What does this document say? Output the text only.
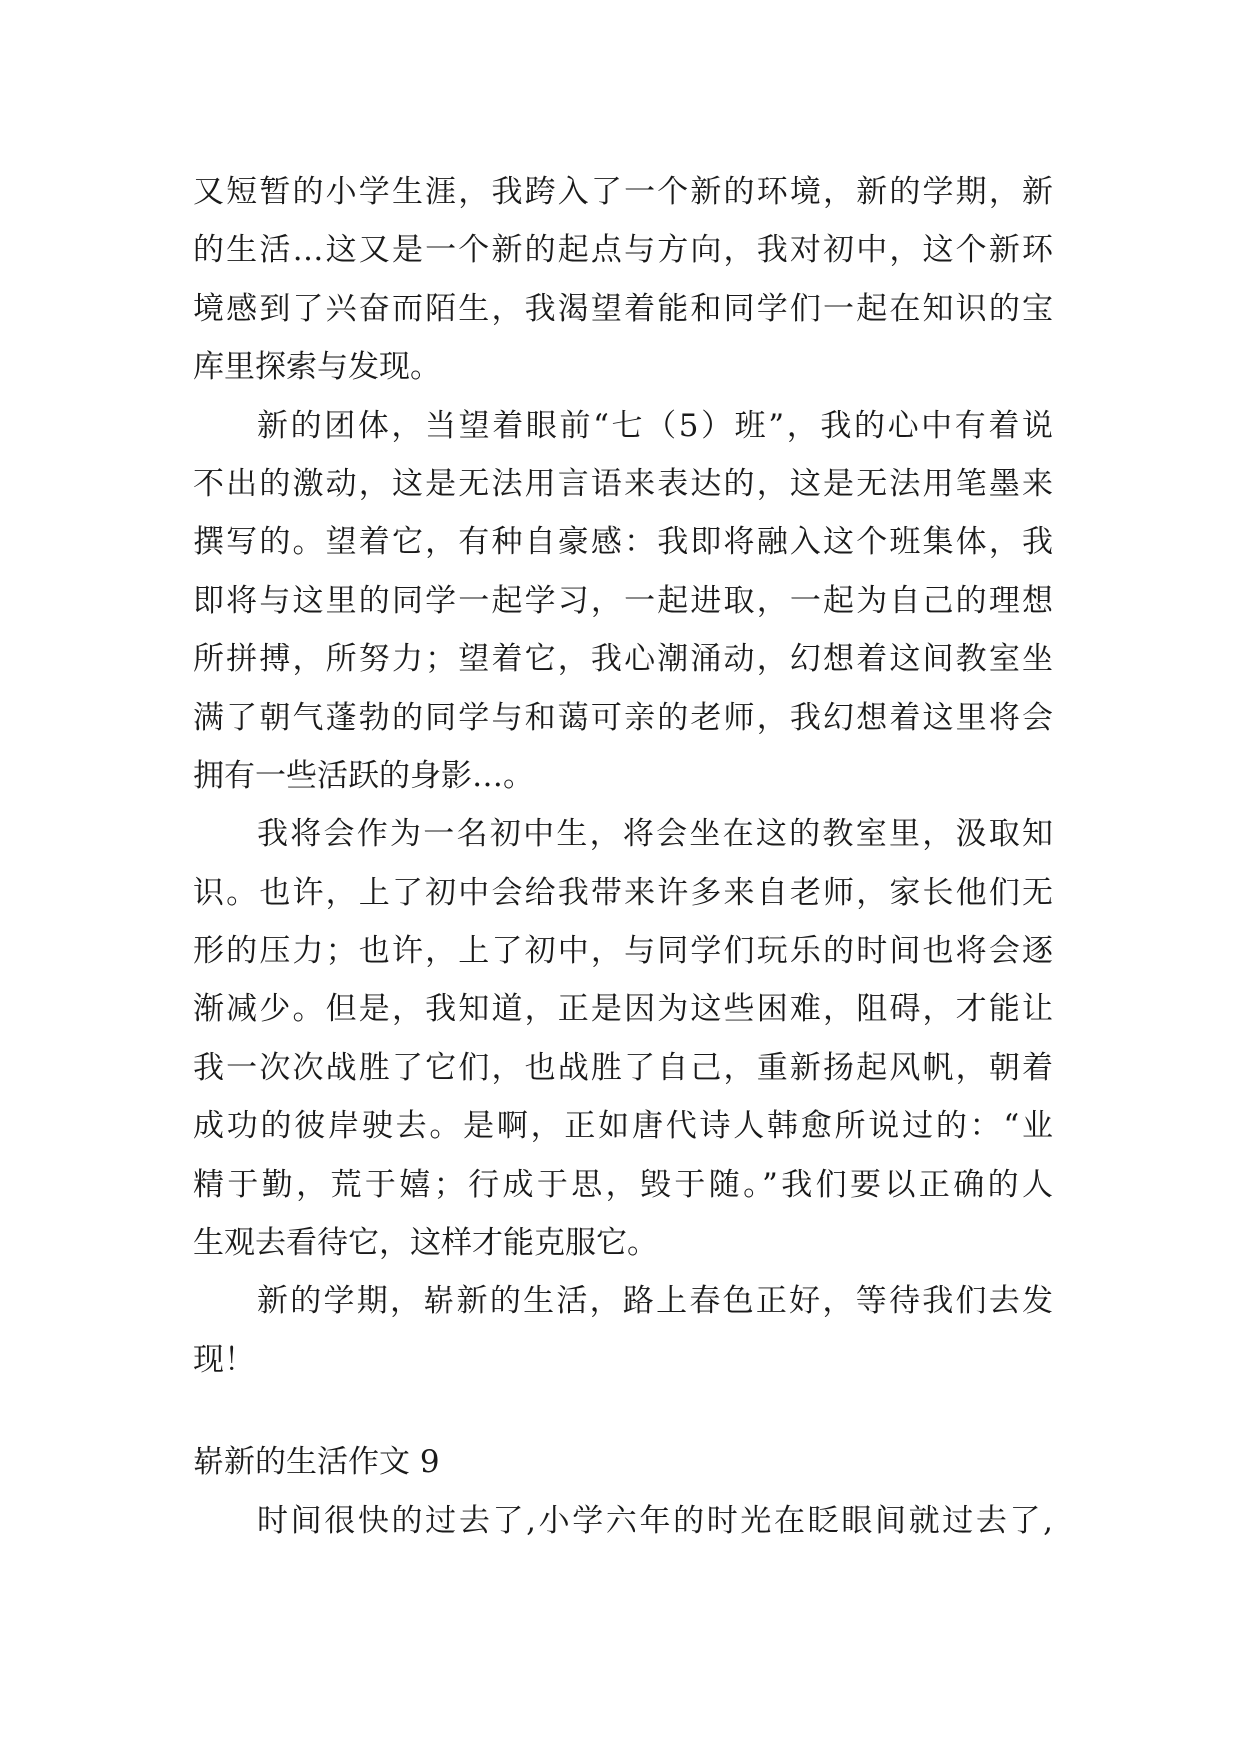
又短暂的小学生涯，我跨入了一个新的环境，新的学期，新
的生活…这又是一个新的起点与方向，我对初中，这个新环
境感到了兴奋而陌生，我渴望着能和同学们一起在知识的宝
库里探索与发现。
新的团体，当望着眼前“七（5）班”，我的心中有着说
不出的激动，这是无法用言语来表达的，这是无法用笔墨来
撰写的。望着它，有种自豪感：我即将融入这个班集体，我
即将与这里的同学一起学习，一起进取，一起为自己的理想
所拼搏，所努力；望着它，我心潮涌动，幻想着这间教室坐
满了朝气蓬勃的同学与和蔼可亲的老师，我幻想着这里将会
拥有一些活跃的身影…。
我将会作为一名初中生，将会坐在这的教室里，汲取知
识。也许，上了初中会给我带来许多来自老师，家长他们无
形的压力；也许，上了初中，与同学们玩乐的时间也将会逐
渐减少。但是，我知道，正是因为这些困难，阻碍，才能让
我一次次战胜了它们，也战胜了自己，重新扬起风帆，朝着
成功的彼岸驶去。是啊，正如唐代诗人韩愈所说过的：“业
精于勤，荒于嬉；行成于思，毁于随。”我们要以正确的人
生观去看待它，这样才能克服它。
新的学期，崭新的生活，路上春色正好，等待我们去发
现！
崭新的生活作文 9
时间很快的过去了,小学六年的时光在眨眼间就过去了,
